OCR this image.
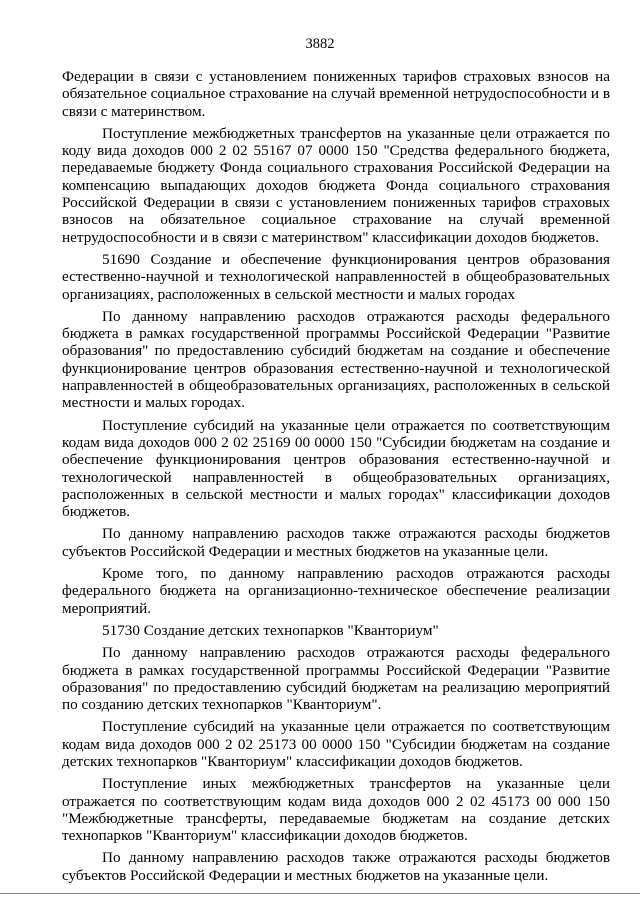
3882

Федерации в связи с установлением пониженных тарифов страховых взносов на обязательное социальное страхование на случай временной нетрудоспособности и в связи с материнством.

Поступление межбюджетных трансфертов на указанные цели отражается по коду вида доходов 000 2 02 55167 07 0000 150 "Средства федерального бюджета, передаваемые бюджету Фонда социального страхования Российской Федерации на компенсацию выпадающих доходов бюджета Фонда социального страхования Российской Федерации в связи с установлением пониженных тарифов страховых взносов на обязательное социальное страхование на случай временной нетрудоспособности и в связи с материнством" классификации доходов бюджетов.

51690 Создание и обеспечение функционирования центров образования естественно-научной и технологической направленностей в общеобразовательных организациях, расположенных в сельской местности и малых городах

По данному направлению расходов отражаются расходы федерального бюджета в рамках государственной программы Российской Федерации "Развитие образования" по предоставлению субсидий бюджетам на создание и обеспечение функционирование центров образования естественно-научной и технологической направленностей в общеобразовательных организациях, расположенных в сельской местности и малых городах.

Поступление субсидий на указанные цели отражается по соответствующим кодам вида доходов 000 2 02 25169 00 0000 150 "Субсидии бюджетам на создание и обеспечение функционирования центров образования естественно-научной и технологической направленностей в общеобразовательных организациях, расположенных в сельской местности и малых городах" классификации доходов бюджетов.

По данному направлению расходов также отражаются расходы бюджетов субъектов Российской Федерации и местных бюджетов на указанные цели.

Кроме того, по данному направлению расходов отражаются расходы федерального бюджета на организационно-техническое обеспечение реализации мероприятий.

51730 Создание детских технопарков "Кванториум"

По данному направлению расходов отражаются расходы федерального бюджета в рамках государственной программы Российской Федерации "Развитие образования" по предоставлению субсидий бюджетам на реализацию мероприятий по созданию детских технопарков "Кванториум".

Поступление субсидий на указанные цели отражается по соответствующим кодам вида доходов 000 2 02 25173 00 0000 150 "Субсидии бюджетам на создание детских технопарков "Кванториум" классификации доходов бюджетов.

Поступление иных межбюджетных трансфертов на указанные цели отражается по соответствующим кодам вида доходов 000 2 02 45173 00 000 150 "Межбюджетные трансферты, передаваемые бюджетам на создание детских технопарков "Кванториум" классификации доходов бюджетов.

По данному направлению расходов также отражаются расходы бюджетов субъектов Российской Федерации и местных бюджетов на указанные цели.
